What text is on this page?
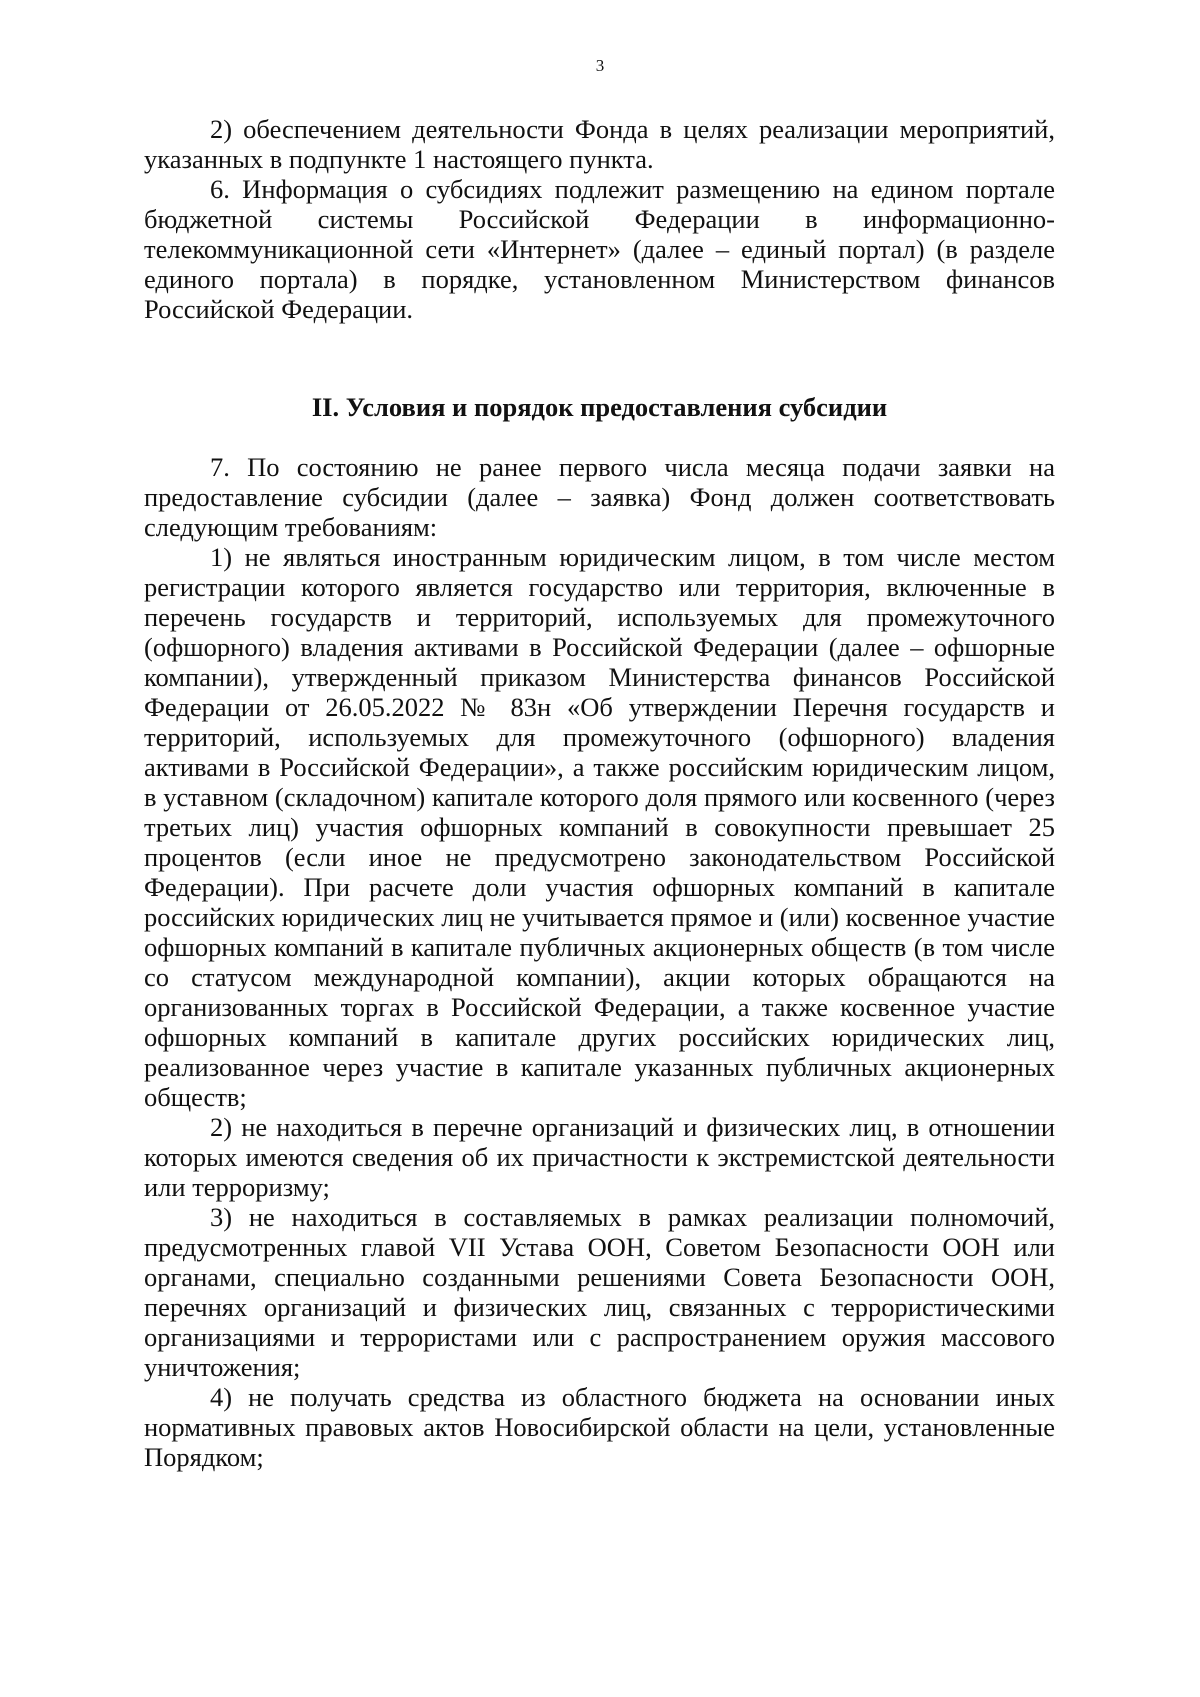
3

2) обеспечением деятельности Фонда в целях реализации мероприятий, указанных в подпункте 1 настоящего пункта.

6. Информация о субсидиях подлежит размещению на едином портале бюджетной системы Российской Федерации в информационно-телекоммуникационной сети «Интернет» (далее – единый портал) (в разделе единого портала) в порядке, установленном Министерством финансов Российской Федерации.

II. Условия и порядок предоставления субсидии

7. По состоянию не ранее первого числа месяца подачи заявки на предоставление субсидии (далее – заявка) Фонд должен соответствовать следующим требованиям:

1) не являться иностранным юридическим лицом, в том числе местом регистрации которого является государство или территория, включенные в перечень государств и территорий, используемых для промежуточного (офшорного) владения активами в Российской Федерации (далее – офшорные компании), утвержденный приказом Министерства финансов Российской Федерации от 26.05.2022 № 83н «Об утверждении Перечня государств и территорий, используемых для промежуточного (офшорного) владения активами в Российской Федерации», а также российским юридическим лицом, в уставном (складочном) капитале которого доля прямого или косвенного (через третьих лиц) участия офшорных компаний в совокупности превышает 25 процентов (если иное не предусмотрено законодательством Российской Федерации). При расчете доли участия офшорных компаний в капитале российских юридических лиц не учитывается прямое и (или) косвенное участие офшорных компаний в капитале публичных акционерных обществ (в том числе со статусом международной компании), акции которых обращаются на организованных торгах в Российской Федерации, а также косвенное участие офшорных компаний в капитале других российских юридических лиц, реализованное через участие в капитале указанных публичных акционерных обществ;

2) не находиться в перечне организаций и физических лиц, в отношении которых имеются сведения об их причастности к экстремистской деятельности или терроризму;

3) не находиться в составляемых в рамках реализации полномочий, предусмотренных главой VII Устава ООН, Советом Безопасности ООН или органами, специально созданными решениями Совета Безопасности ООН, перечнях организаций и физических лиц, связанных с террористическими организациями и террористами или с распространением оружия массового уничтожения;

4) не получать средства из областного бюджета на основании иных нормативных правовых актов Новосибирской области на цели, установленные Порядком;
